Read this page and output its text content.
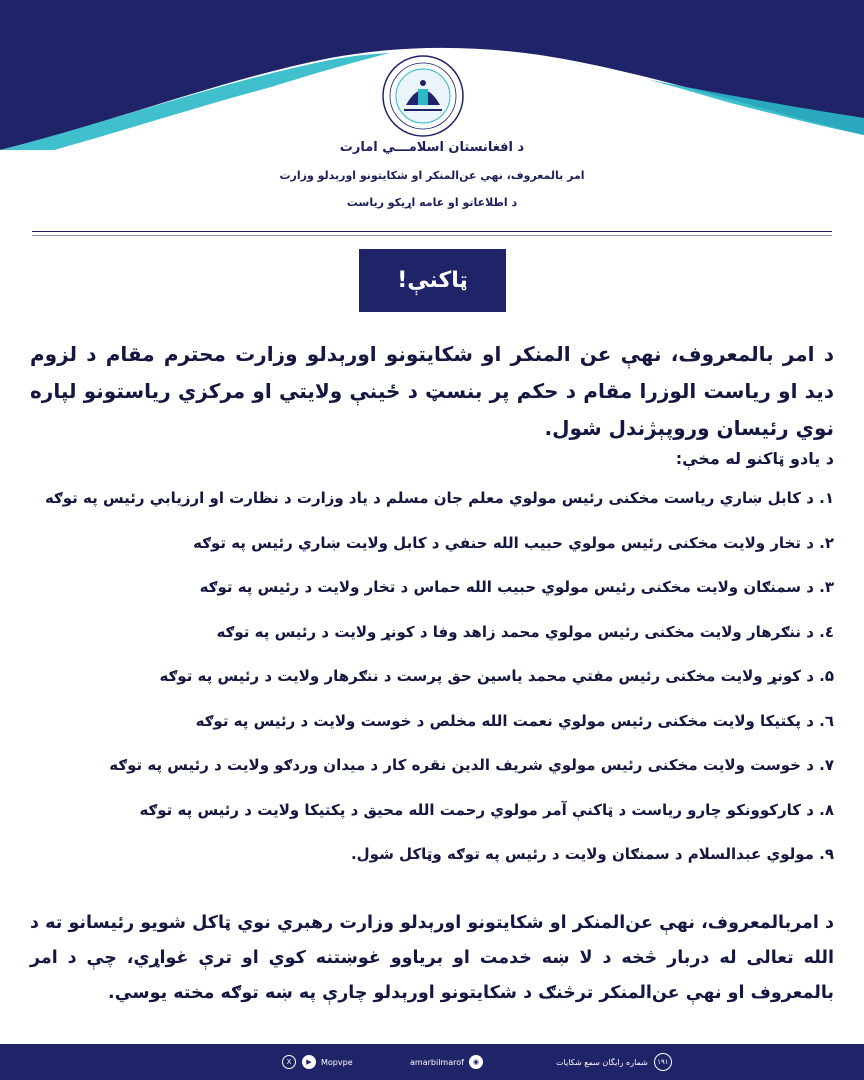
د افغانستان اسلامـــي امارت
امر بالمعروف، نهي عن‌المنکر او شکایتونو اورېدلو وزارت
د اطلاعاتو او عامه اړیکو ریاست
ټاکنې!
د امر بالمعروف، نهې عن المنکر او شکایتونو اورېدلو وزارت محترم مقام د لزوم دید او ریاست الوزرا مقام د حکم پر بنسټ د ځینې ولایتي او مرکزي ریاستونو لپاره نوي رئیسان وروپېژندل شول.
د یادو ټاکنو له مخې:
۱. د کابل ښاري ریاست مخکنی رئیس مولوي معلم جان مسلم د یاد وزارت د نظارت او ارزیابي رئیس په توګه
۲. د تخار ولایت مخکنی رئیس مولوي حبیب الله حنفي د کابل ولایت ښاري رئیس په توګه
۳. د سمنګان ولایت مخکنی رئیس مولوي حبیب الله حماس د تخار ولایت د رئیس په توګه
٤. د ننګرهار ولایت مخکنی رئیس مولوي محمد زاهد وفا د کونړ ولایت د رئیس په توګه
۵. د کونړ ولایت مخکنی رئیس مفتي محمد یاسین حق پرست د ننګرهار ولایت د رئیس په توګه
٦. د پکتیکا ولایت مخکنی رئیس مولوي نعمت الله مخلص د خوست ولایت د رئیس په توګه
۷. د خوست ولایت مخکنی رئیس مولوي شریف الدین نقره کار د میدان وردګو ولایت د رئیس په توګه
۸. د کارکوونکو چارو ریاست د ټاکنې آمر مولوي رحمت الله محیق د پکتیکا ولایت د رئیس په توګه
۹. مولوي عبدالسلام د سمنګان ولایت د رئیس په توګه وټاکل شول.
د امربالمعروف، نهې عن‌المنکر او شکایتونو اورېدلو وزارت رهبري نوي ټاکل شویو رئیسانو ته د الله تعالی له دربار څخه د لا ښه خدمت او بریاوو غوښتنه کوي او ترې غواړي، چې د امر بالمعروف او نهې عن‌المنکر ترڅنګ د شکایتونو اورېدلو چارې په ښه توګه مخته یوسي.
شماره رایگان سمع شکایات	۱۹۱
amarbilmarof	◉
X	▶	Mopvpe
